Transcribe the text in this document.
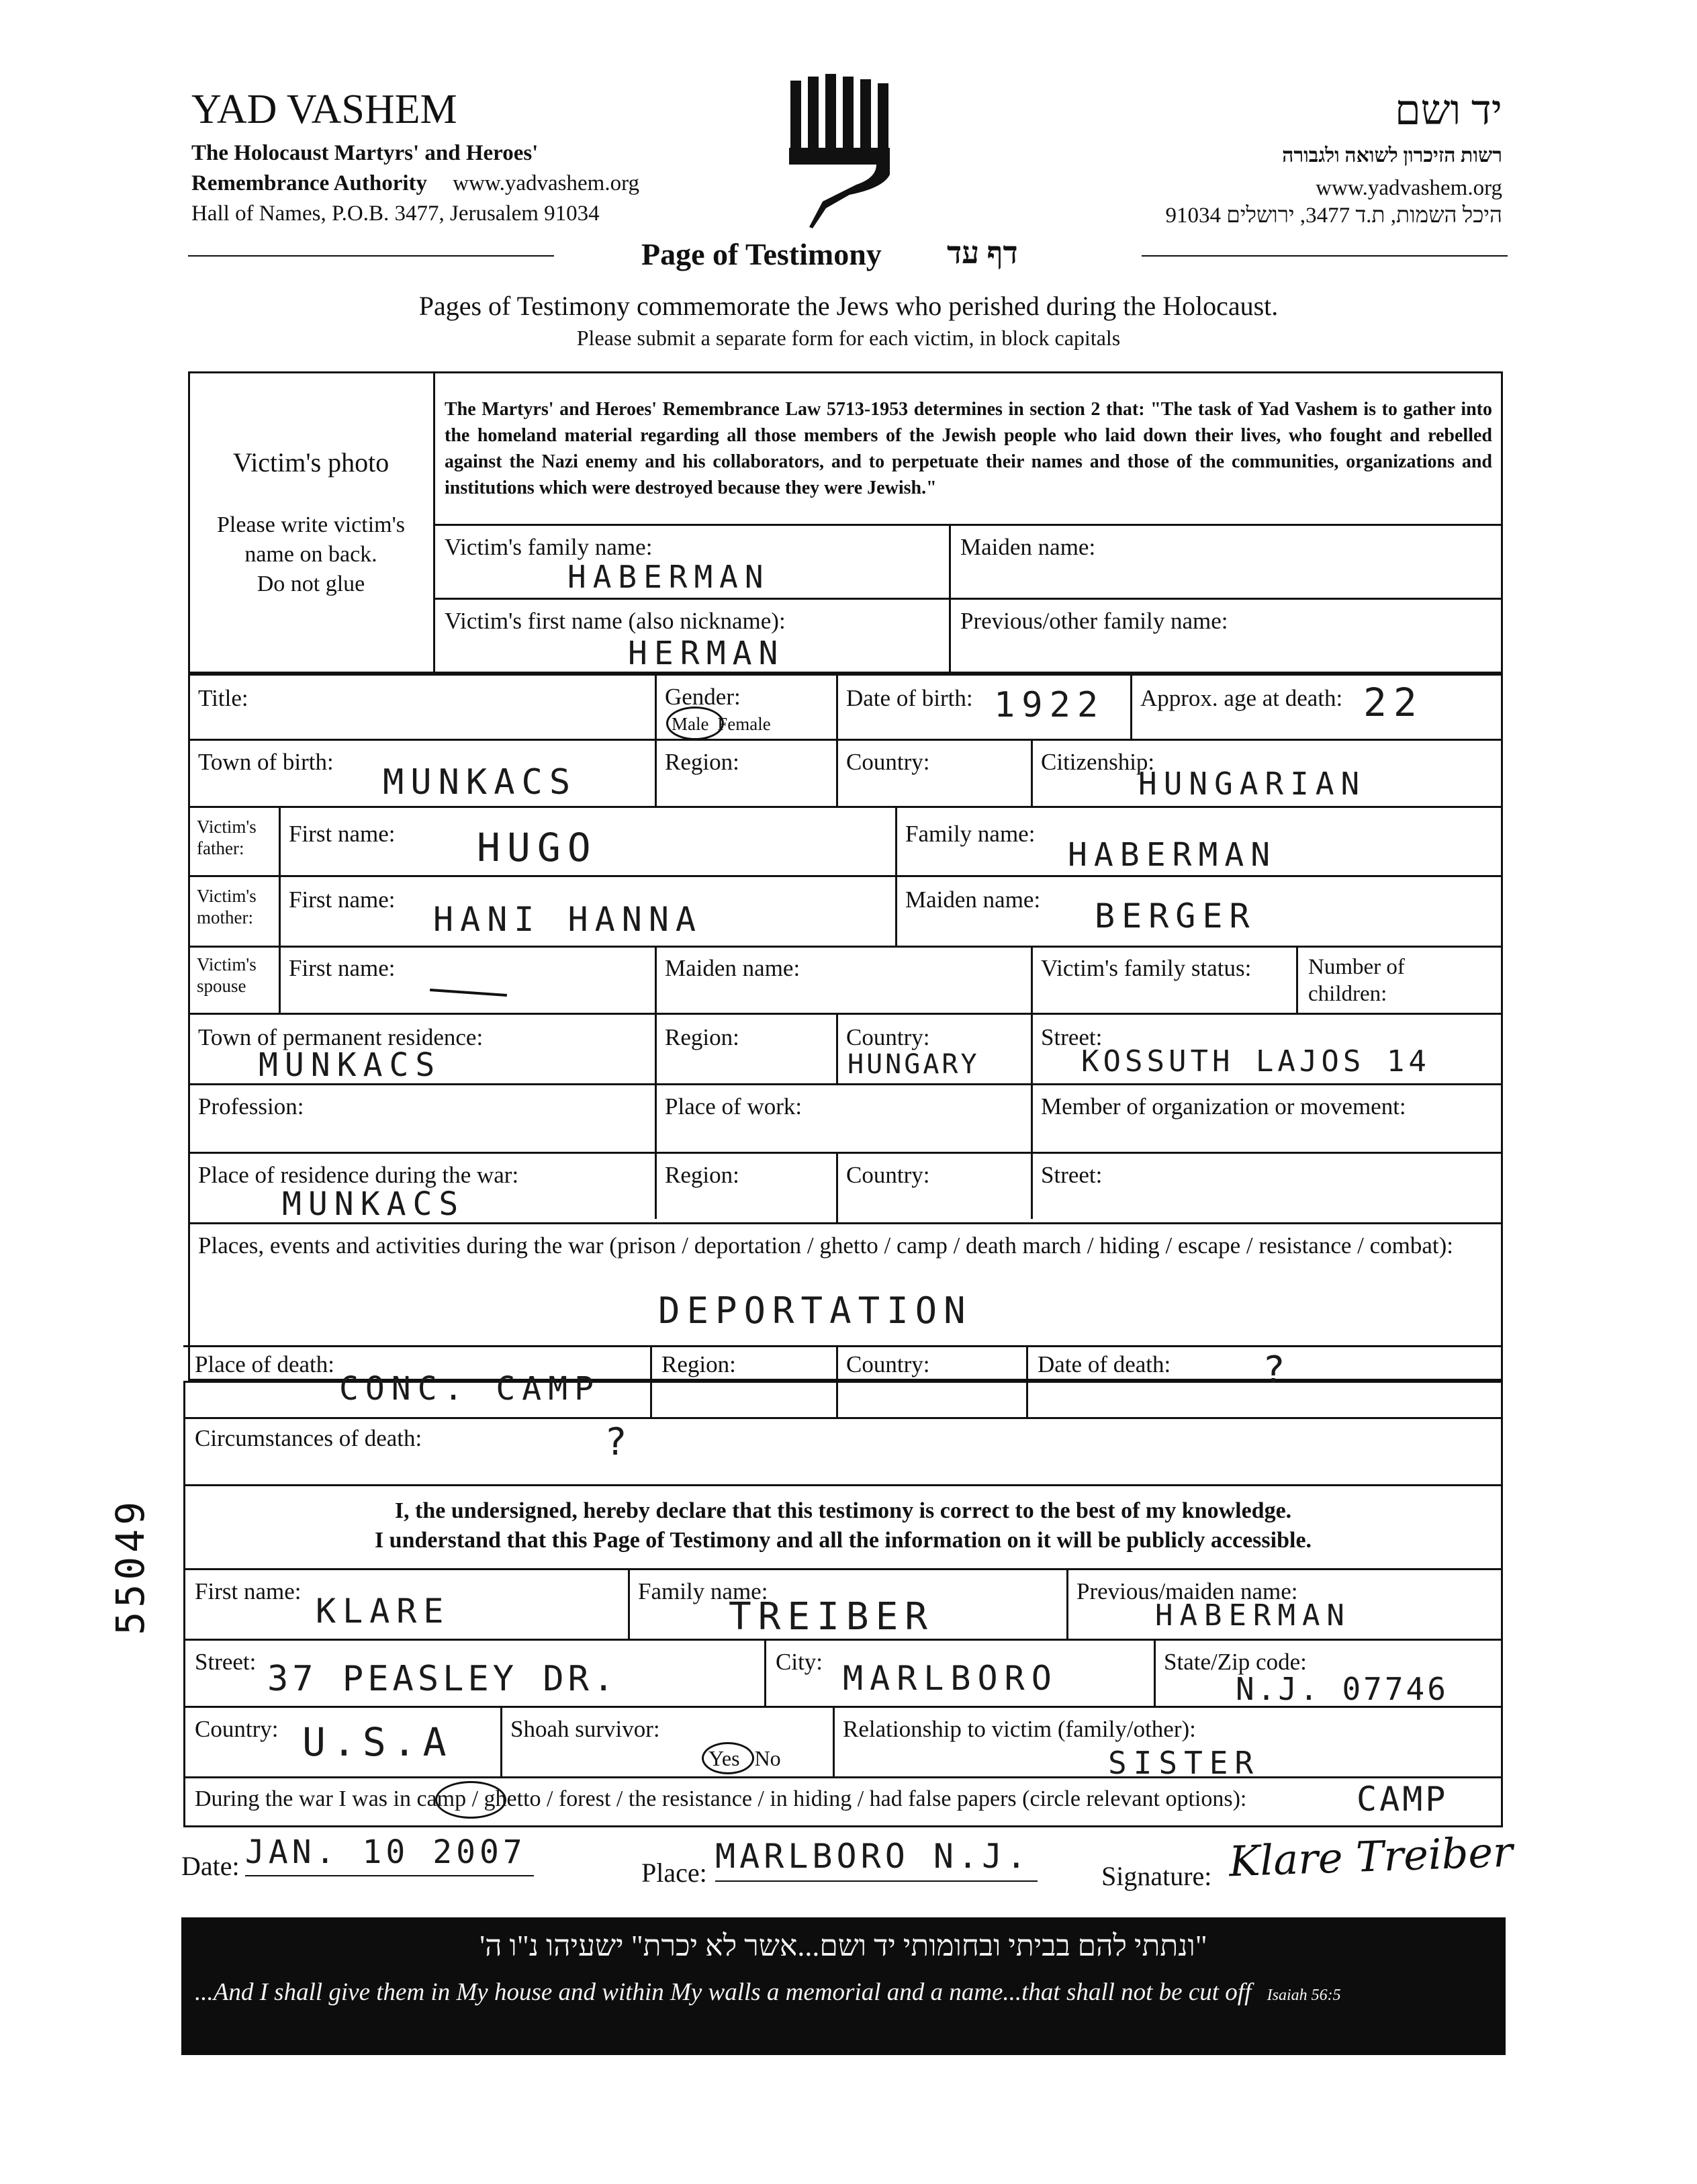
YAD VASHEM
The Holocaust Martyrs' and Heroes'
Remembrance Authority www.yadvashem.org
Hall of Names, P.O.B. 3477, Jerusalem 91034
Page of Testimony דף עד
יד ושם
רשות הזיכרון לשואה ולגבורה
www.yadvashem.org
היכל השמות, ת.ד 3477, ירושלים 91034
Pages of Testimony commemorate the Jews who perished during the Holocaust.
Please submit a separate form for each victim, in block capitals
Victim's photo
Please write victim's
name on back.
Do not glue
The Martyrs' and Heroes' Remembrance Law 5713-1953 determines in section 2 that: "The task of Yad Vashem is to gather into the homeland material regarding all those members of the Jewish people who laid down their lives, who fought and rebelled against the Nazi enemy and his collaborators, and to perpetuate their names and those of the communities, organizations and institutions which were destroyed because they were Jewish."
Victim's family name:
HABERMAN
Maiden name:
Victim's first name (also nickname):
HERMAN
Previous/other family name:
Title:	Gender:
Male Female
Date of birth: 1922 Approx. age at death: 22
Town of birth:
MUNKACS
Region:	Country:	Citizenship:
HUNGARIAN
Victim's
father:
First name: HUGO	Family name:
HABERMAN
Victim's
mother:
First name:
HANI HANNA
Maiden name: BERGER
Victim's
spouse
First name:	Maiden name:	Victim's family status:	Number of
children:
Town of permanent residence:
MUNKACS
Region:	Country:
HUNGARY
Street:
KOSSUTH LAJOS 14
Profession:	Place of work:	Member of organization or movement:
Place of residence during the war:
MUNKACS
Region:	Country:	Street:
Places, events and activities during the war (prison / deportation / ghetto / camp / death march / hiding / escape / resistance / combat):
DEPORTATION
Place of death:
CONC. CAMP
Region:	Country:	Date of death: ?
Circumstances of death:	?
I, the undersigned, hereby declare that this testimony is correct to the best of my knowledge.
I understand that this Page of Testimony and all the information on it will be publicly accessible.
First name:
KLARE
Family name:
TREIBER
Previous/maiden name:
HABERMAN
Street: 37 PEASLEY DR.	City: MARLBORO	State/Zip code:
N.J. 07746
Country: U.S.A Shoah survivor:
Yes No
Relationship to victim (family/other):
SISTER
During the war I was in camp / ghetto / forest / the resistance / in hiding / had false papers (circle relevant options):	CAMP
Date: JAN. 10 2007
Place: MARLBORO N.J.
Signature: Klare Treiber
55049
"ונתתי להם בביתי ובחומותי יד ושם...אשר לא יכרת" ישעיהו נ"ו ה'
...And I shall give them in My house and within My walls a memorial and a name...that shall not be cut off Isaiah 56:5
